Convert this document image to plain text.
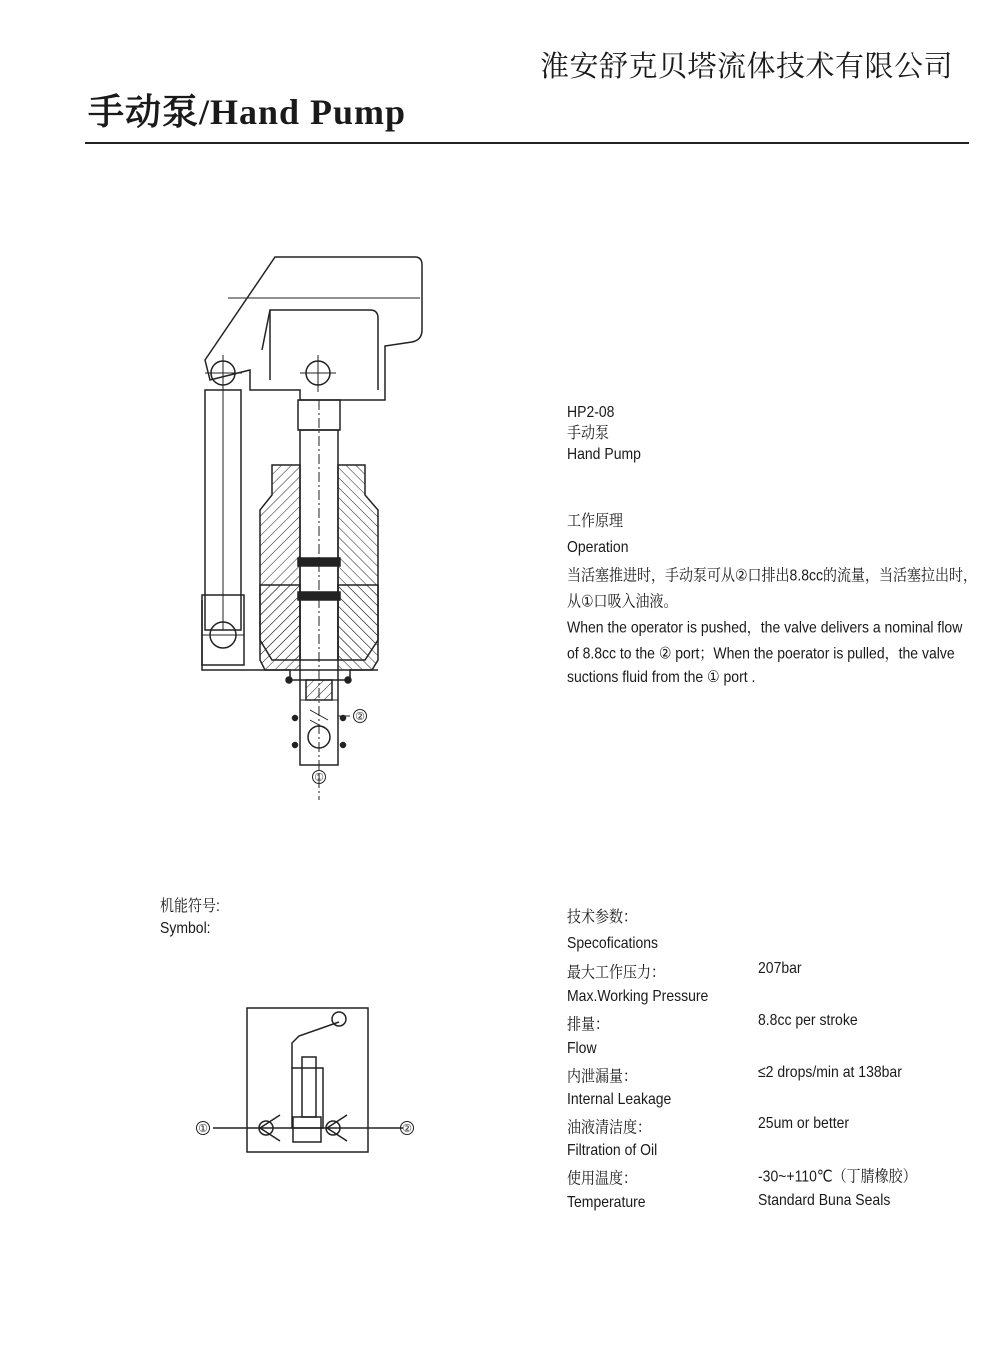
淮安舒克贝塔流体技术有限公司
手动泵/Hand Pump
②
①
HP2-08
手动泵
Hand Pump
工作原理
Operation
当活塞推进时，手动泵可从②口排出8.8cc的流量，当活塞拉出时，
从①口吸入油液。
When the operator is pushed，the valve delivers a nominal flow
of 8.8cc to the ② port；When the poerator is pulled，the valve
suctions fluid from the ① port .
机能符号:
Symbol:
①	②
技术参数：
Specofications
最大工作压力：	207bar
Max.Working Pressure
排量：	8.8cc per stroke
Flow
内泄漏量：	≤2 drops/min at 138bar
Internal Leakage
油液清洁度：	25um or better
Filtration of Oil
使用温度：	-30~+110℃（丁腈橡胶）
Temperature	Standard Buna Seals
